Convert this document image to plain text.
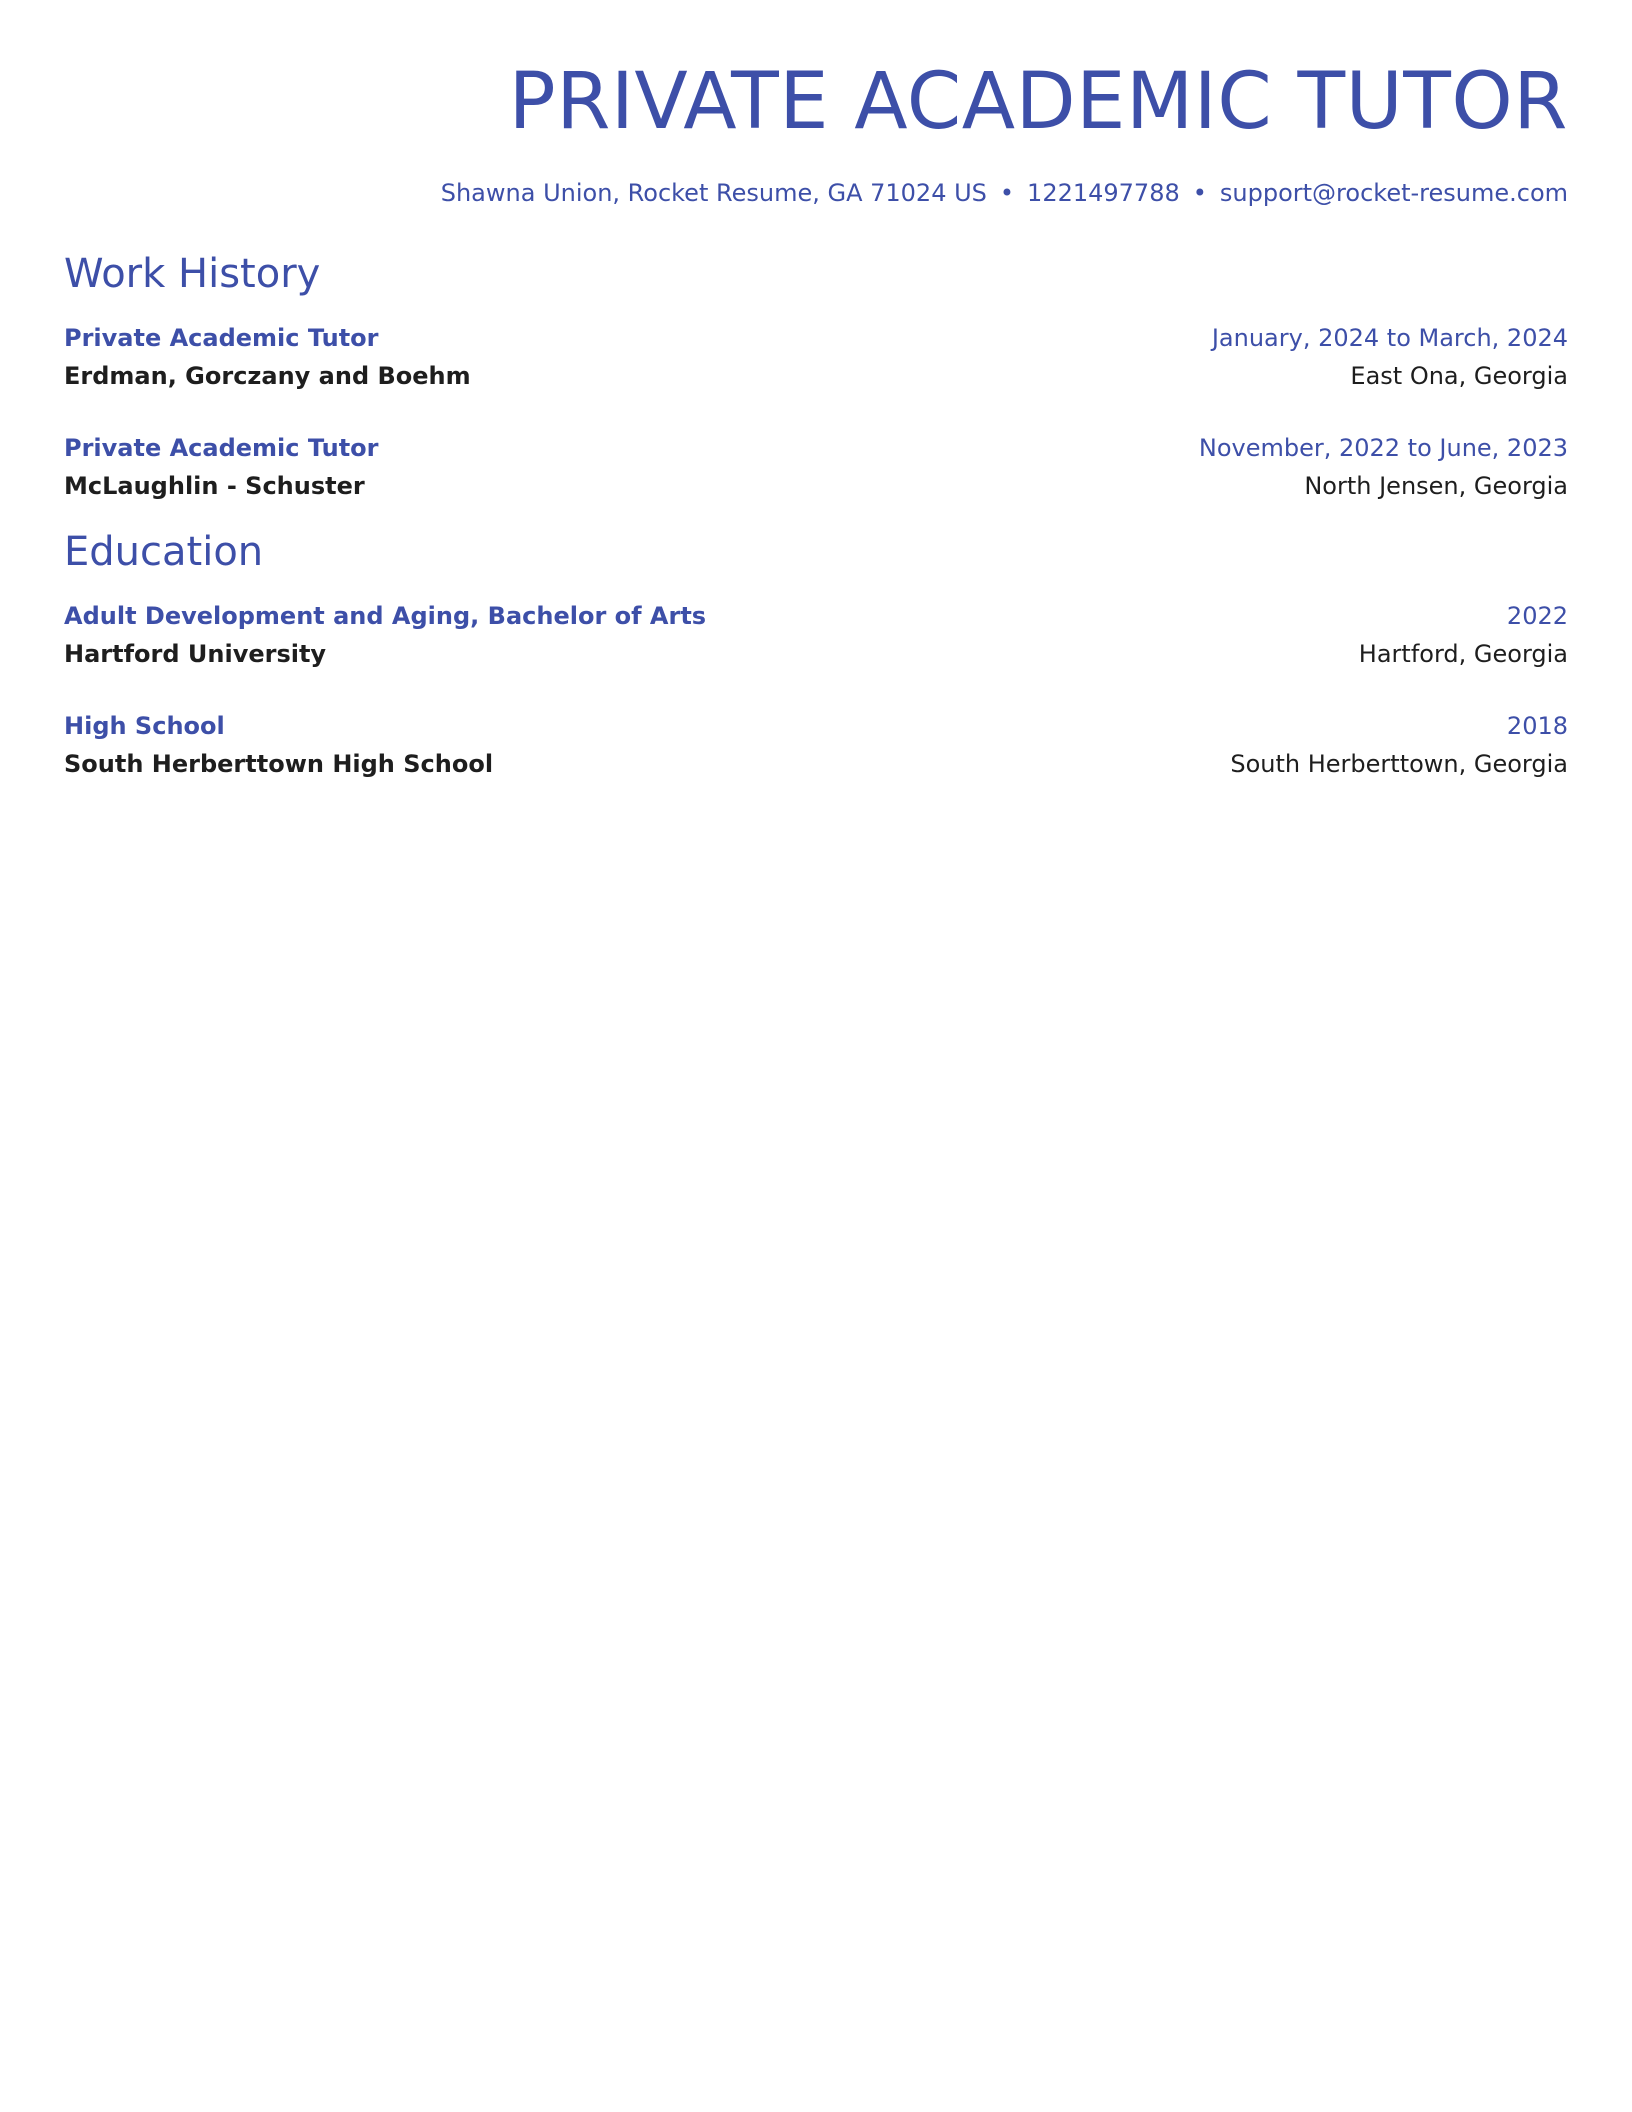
PRIVATE ACADEMIC TUTOR
Shawna Union, Rocket Resume, GA 71024 US • 1221497788 • support@rocket-resume.com
Work History
Private Academic Tutor
Erdman, Gorczany and Boehm
January, 2024 to March, 2024
East Ona, Georgia
Private Academic Tutor
McLaughlin - Schuster
November, 2022 to June, 2023
North Jensen, Georgia
Education
Adult Development and Aging, Bachelor of Arts
Hartford University
2022
Hartford, Georgia
High School
South Herberttown High School
2018
South Herberttown, Georgia
